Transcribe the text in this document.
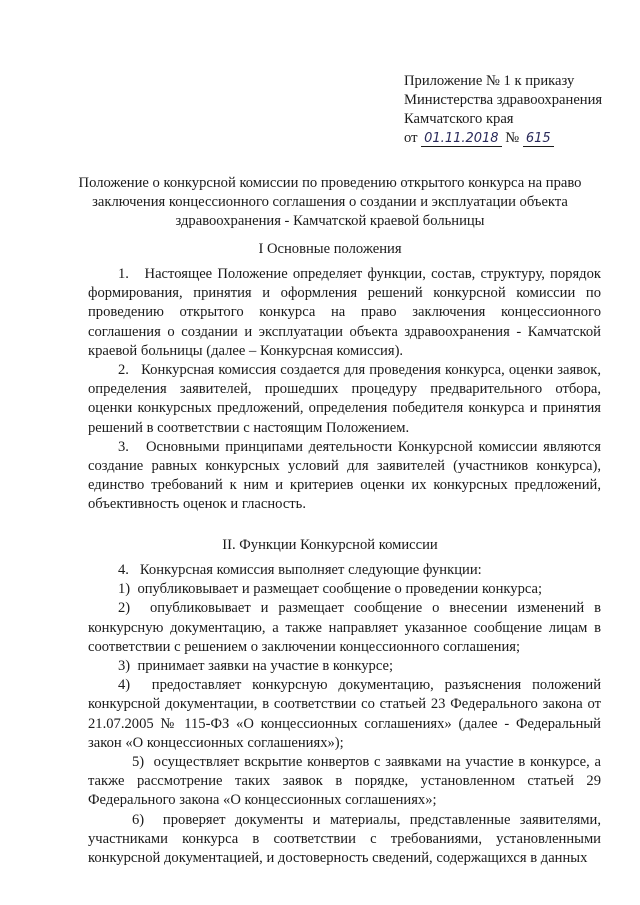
Приложение № 1 к приказу
Министерства здравоохранения
Камчатского края
от 01.11.2018 № 615
Положение о конкурсной комиссии по проведению открытого конкурса на право заключения концессионного соглашения о создании и эксплуатации объекта здравоохранения - Камчатской краевой больницы
I Основные положения

1.   Настоящее Положение определяет функции, состав, структуру, порядок формирования, принятия и оформления решений конкурсной комиссии по проведению открытого конкурса на право заключения концессионного соглашения о создании и эксплуатации объекта здравоохранения - Камчатской краевой больницы (далее – Конкурсная комиссия).

2.   Конкурсная комиссия создается для проведения конкурса, оценки заявок, определения заявителей, прошедших процедуру предварительного отбора, оценки конкурсных предложений, определения победителя конкурса и принятия решений в соответствии с настоящим Положением.

3.   Основными принципами деятельности Конкурсной комиссии являются создание равных конкурсных условий для заявителей (участников конкурса), единство требований к ним и критериев оценки их конкурсных предложений, объективность оценок и гласность.

II. Функции Конкурсной комиссии

4.   Конкурсная комиссия выполняет следующие функции:

1)  опубликовывает и размещает сообщение о проведении конкурса;

2)  опубликовывает и размещает сообщение о внесении изменений в конкурсную документацию, а также направляет указанное сообщение лицам в соответствии с решением о заключении концессионного соглашения;

3)  принимает заявки на участие в конкурсе;

4)  предоставляет конкурсную документацию, разъяснения положений конкурсной документации, в соответствии со статьей 23 Федерального закона от 21.07.2005 № 115-ФЗ «О концессионных соглашениях» (далее - Федеральный закон «О концессионных соглашениях»);

5)  осуществляет вскрытие конвертов с заявками на участие в конкурсе, а также рассмотрение таких заявок в порядке, установленном статьей 29 Федерального закона «О концессионных соглашениях»;

6)  проверяет документы и материалы, представленные заявителями, участниками конкурса в соответствии с требованиями, установленными конкурсной документацией, и достоверность сведений, содержащихся в данных
